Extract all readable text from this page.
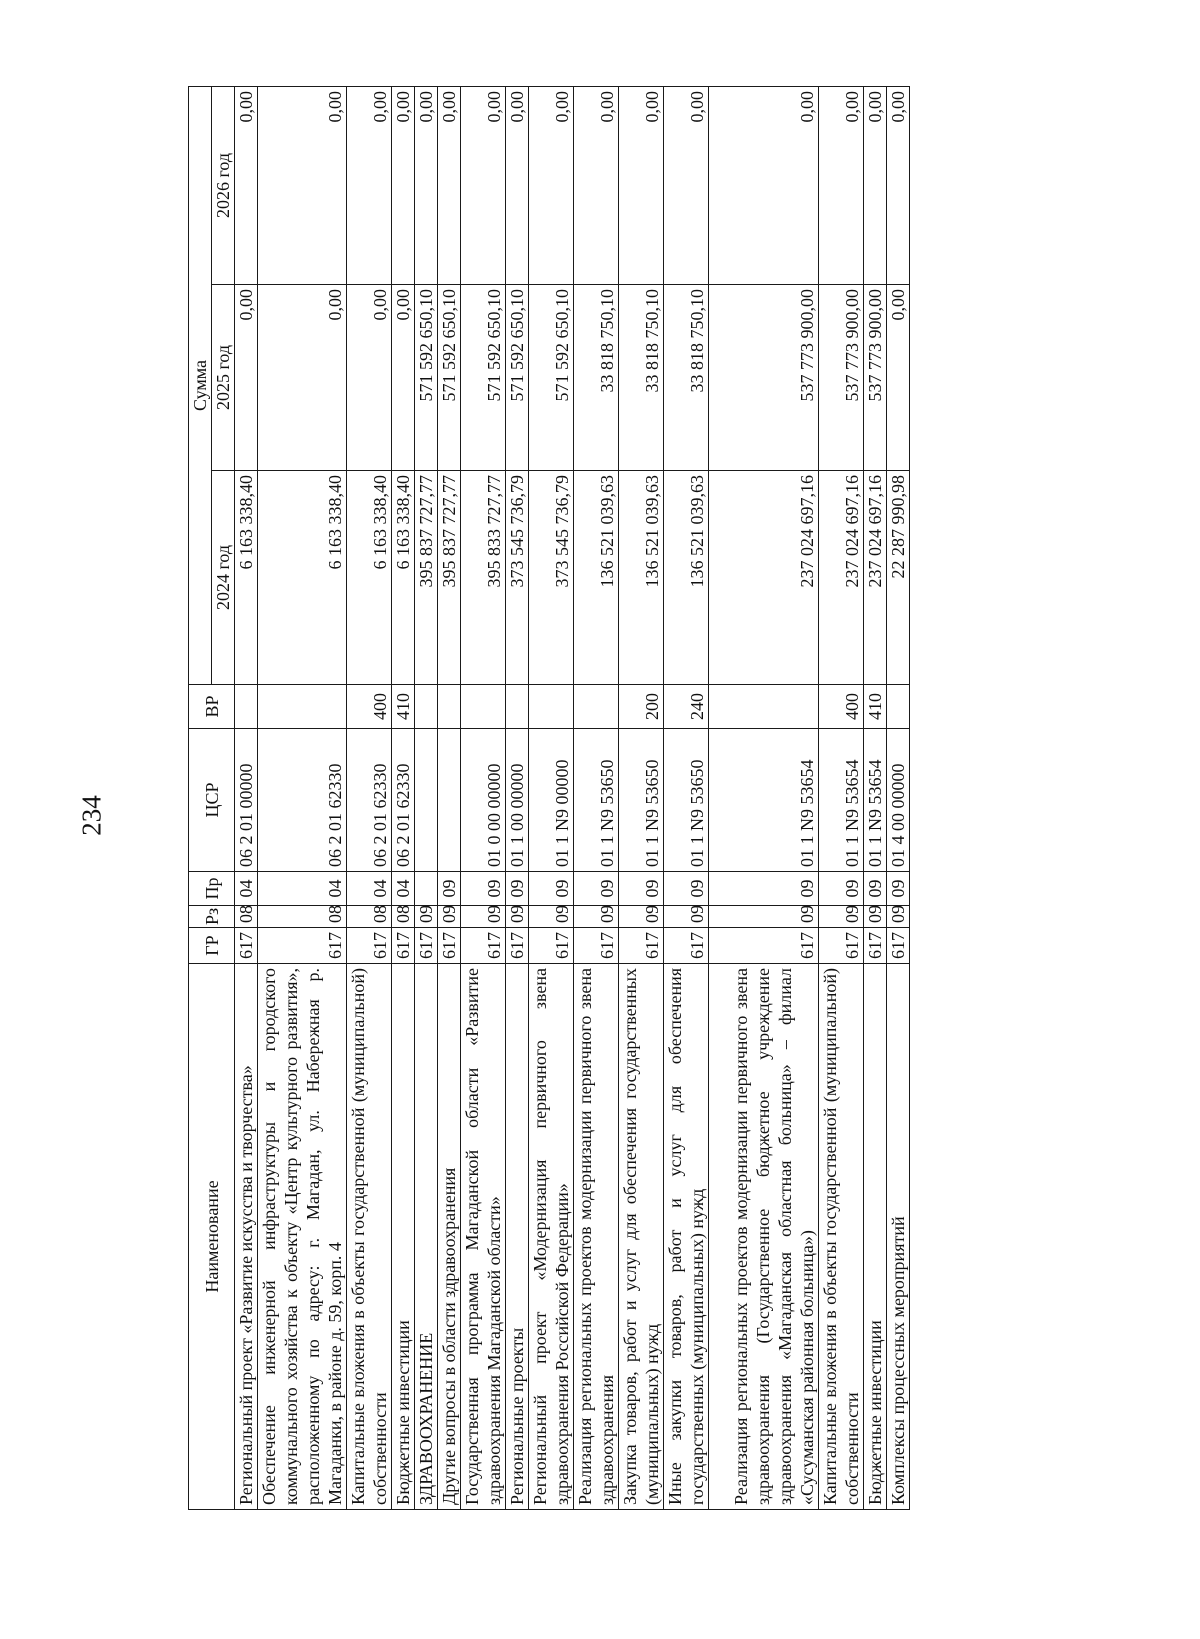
234
Наименование	ГР	Рз	Пр	ЦСР	ВР	Сумма		
						2024 год	2025 год	2026 год
Региональный проект «Развитие искусства и творчества»	617	08	04	06 2 01 00000		6 163 338,40	0,00	0,00
Обеспечение инженерной инфраструктуры и городского коммунального хозяйства к объекту «Центр культурного развития», расположенному по адресу: г. Магадан, ул. Набережная р. Магаданки, в районе д. 59, корп. 4	617	08	04	06 2 01 62330		6 163 338,40	0,00	0,00
Капитальные вложения в объекты государственной (муниципальной) собственности	617	08	04	06 2 01 62330	400	6 163 338,40	0,00	0,00
Бюджетные инвестиции	617	08	04	06 2 01 62330	410	6 163 338,40	0,00	0,00
ЗДРАВООХРАНЕНИЕ	617	09				395 837 727,77	571 592 650,10	0,00
Другие вопросы в области здравоохранения	617	09	09			395 837 727,77	571 592 650,10	0,00
Государственная программа Магаданской области «Развитие здравоохранения Магаданской области»	617	09	09	01 0 00 00000		395 833 727,77	571 592 650,10	0,00
Региональные проекты	617	09	09	01 1 00 00000		373 545 736,79	571 592 650,10	0,00
Региональный проект «Модернизация первичного звена здравоохранения Российской Федерации»	617	09	09	01 1 N9 00000		373 545 736,79	571 592 650,10	0,00
Реализация региональных проектов модернизации первичного звена здравоохранения	617	09	09	01 1 N9 53650		136 521 039,63	33 818 750,10	0,00
Закупка товаров, работ и услуг для обеспечения государственных (муниципальных) нужд	617	09	09	01 1 N9 53650	200	136 521 039,63	33 818 750,10	0,00
Иные закупки товаров, работ и услуг для обеспечения государственных (муниципальных) нужд	617	09	09	01 1 N9 53650	240	136 521 039,63	33 818 750,10	0,00
Реализация региональных проектов модернизации первичного звена здравоохранения (Государственное бюджетное учреждение здравоохранения «Магаданская областная больница» – филиал «Сусуманская районная больница»)	617	09	09	01 1 N9 53654		237 024 697,16	537 773 900,00	0,00
Капитальные вложения в объекты государственной (муниципальной) собственности	617	09	09	01 1 N9 53654	400	237 024 697,16	537 773 900,00	0,00
Бюджетные инвестиции	617	09	09	01 1 N9 53654	410	237 024 697,16	537 773 900,00	0,00
Комплексы процессных мероприятий	617	09	09	01 4 00 00000		22 287 990,98	0,00	0,00
